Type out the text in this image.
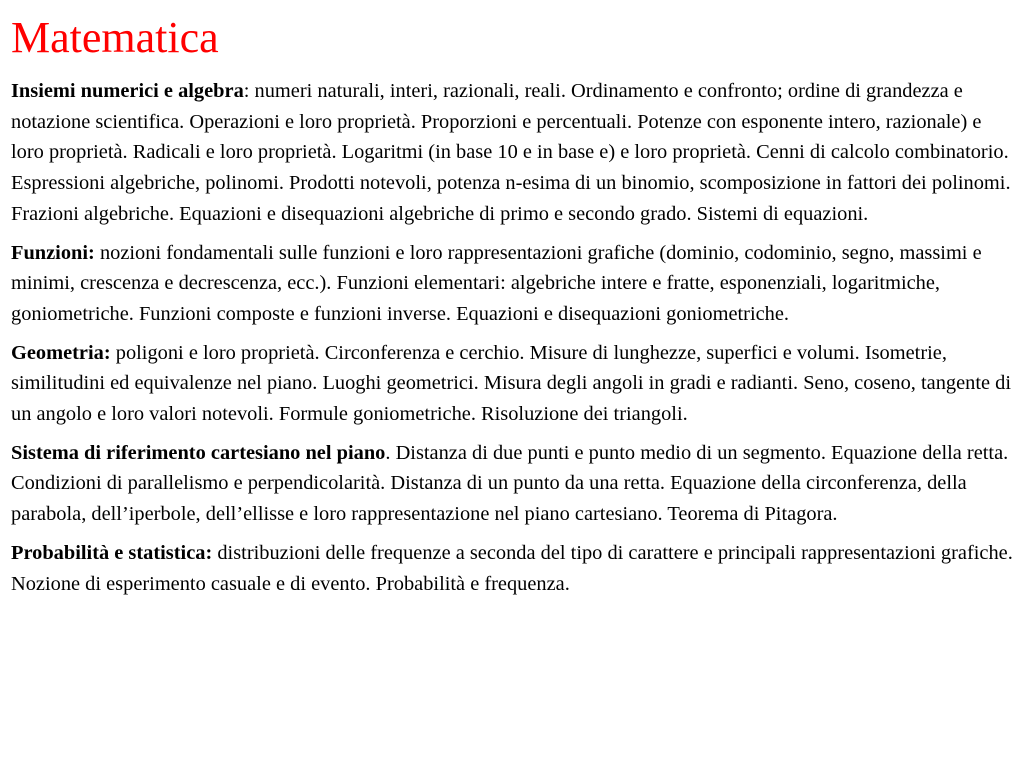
Matematica

Insiemi numerici e algebra: numeri naturali, interi, razionali, reali. Ordinamento e confronto; ordine di grandezza e notazione scientifica. Operazioni e loro proprietà. Proporzioni e percentuali. Potenze con esponente intero, razionale) e loro proprietà. Radicali e loro proprietà. Logaritmi (in base 10 e in base e) e loro proprietà. Cenni di calcolo combinatorio. Espressioni algebriche, polinomi. Prodotti notevoli, potenza n-esima di un binomio, scomposizione in fattori dei polinomi. Frazioni algebriche. Equazioni e disequazioni algebriche di primo e secondo grado. Sistemi di equazioni.

Funzioni: nozioni fondamentali sulle funzioni e loro rappresentazioni grafiche (dominio, codominio, segno, massimi e minimi, crescenza e decrescenza, ecc.). Funzioni elementari: algebriche intere e fratte, esponenziali, logaritmiche, goniometriche. Funzioni composte e funzioni inverse. Equazioni e disequazioni goniometriche.

Geometria: poligoni e loro proprietà. Circonferenza e cerchio. Misure di lunghezze, superfici e volumi. Isometrie, similitudini ed equivalenze nel piano. Luoghi geometrici. Misura degli angoli in gradi e radianti. Seno, coseno, tangente di un angolo e loro valori notevoli. Formule goniometriche. Risoluzione dei triangoli.

Sistema di riferimento cartesiano nel piano. Distanza di due punti e punto medio di un segmento. Equazione della retta. Condizioni di parallelismo e perpendicolarità. Distanza di un punto da una retta. Equazione della circonferenza, della parabola, dell’iperbole, dell’ellisse e loro rappresentazione nel piano cartesiano. Teorema di Pitagora.

Probabilità e statistica: distribuzioni delle frequenze a seconda del tipo di carattere e principali rappresentazioni grafiche. Nozione di esperimento casuale e di evento. Probabilità e frequenza.
